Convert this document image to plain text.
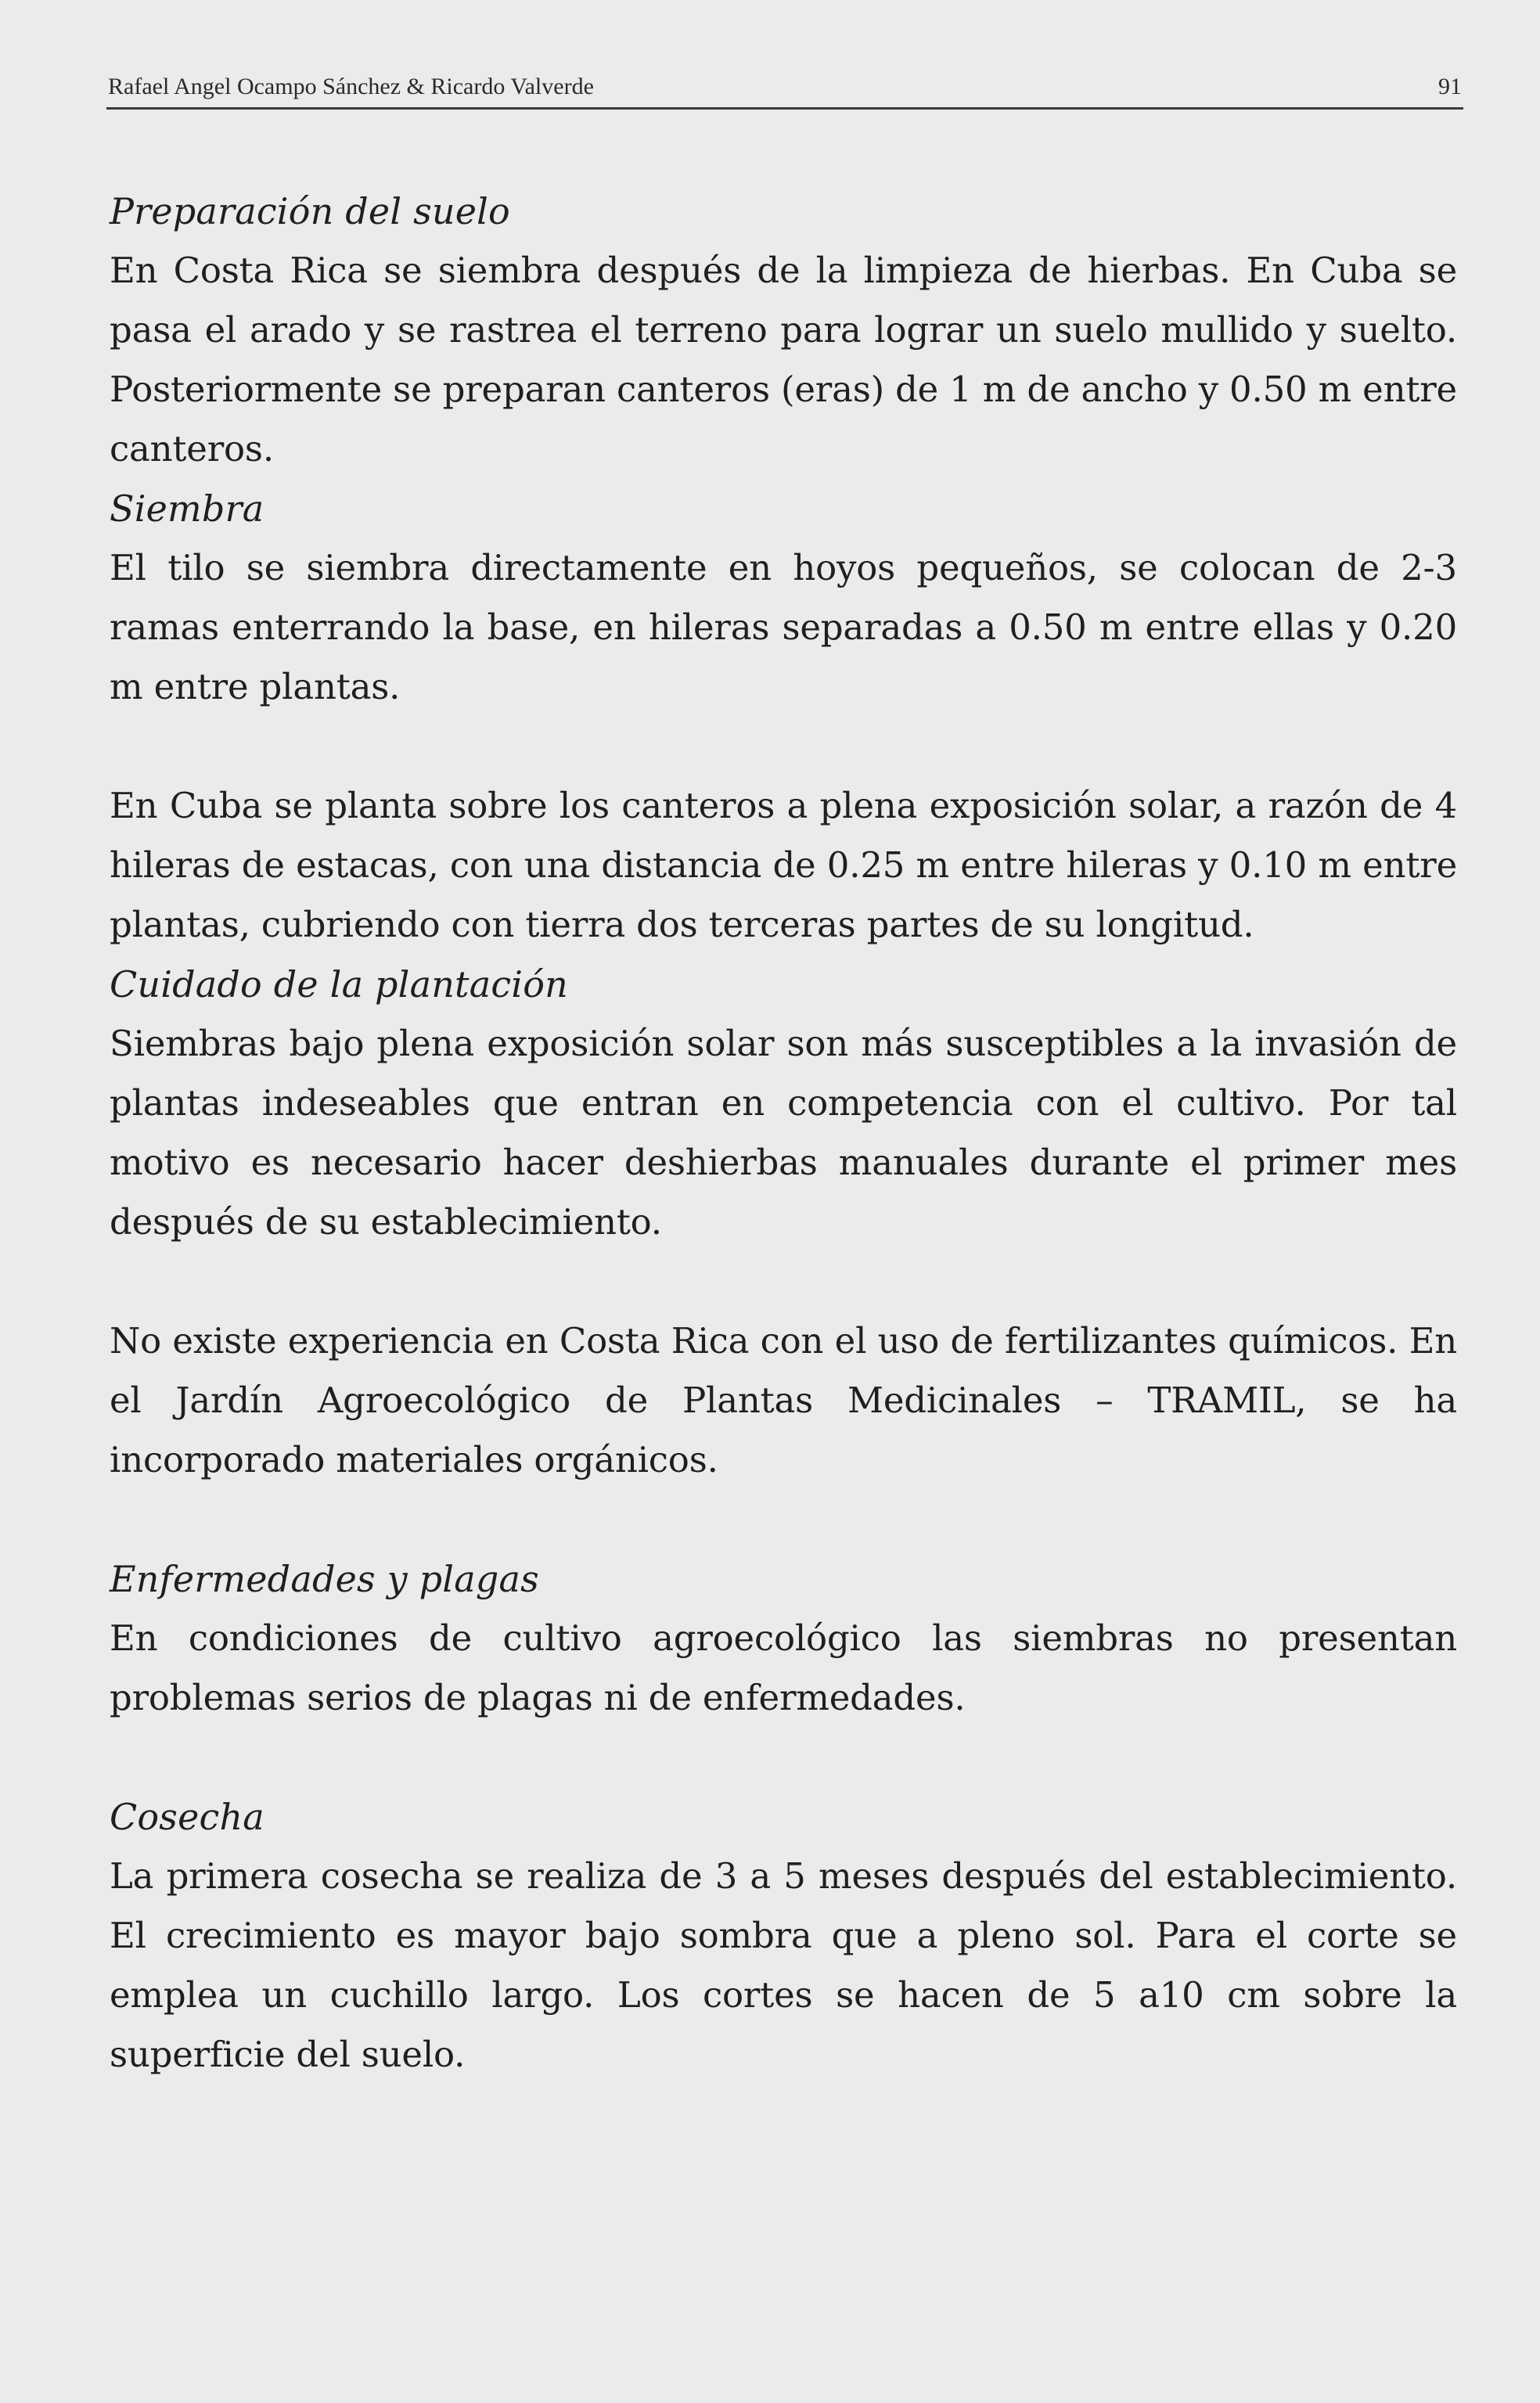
Rafael Angel Ocampo Sánchez & Ricardo Valverde	91

Preparación del suelo

En Costa Rica se siembra después de la limpieza de hierbas. En Cuba se pasa el arado y se rastrea el terreno para lograr un suelo mullido y suelto. Posteriormente se preparan canteros (eras) de 1 m de ancho y 0.50 m entre canteros.

Siembra

El tilo se siembra directamente en hoyos pequeños, se colocan de 2-3 ramas enterrando la base, en hileras separadas a 0.50 m entre ellas y 0.20 m entre plantas.

En Cuba se planta sobre los canteros a plena exposición solar, a razón de 4 hileras de estacas, con una distancia de 0.25 m entre hileras y 0.10 m entre plantas, cubriendo con tierra dos terceras partes de su longitud.

Cuidado de la plantación

Siembras bajo plena exposición solar son más susceptibles a la invasión de plantas indeseables que entran en competencia con el cultivo. Por tal motivo es necesario hacer deshierbas manuales durante el primer mes después de su establecimiento.

No existe experiencia en Costa Rica con el uso de fertilizantes químicos. En el Jardín Agroecológico de Plantas Medicinales – TRAMIL, se ha incorporado materiales orgánicos.

Enfermedades y plagas

En condiciones de cultivo agroecológico las siembras no presentan problemas serios de plagas ni de enfermedades.

Cosecha

La primera cosecha se realiza de 3 a 5 meses después del establecimiento. El crecimiento es mayor bajo sombra que a pleno sol. Para el corte se emplea un cuchillo largo. Los cortes se hacen de 5 a10 cm sobre la superficie del suelo.
